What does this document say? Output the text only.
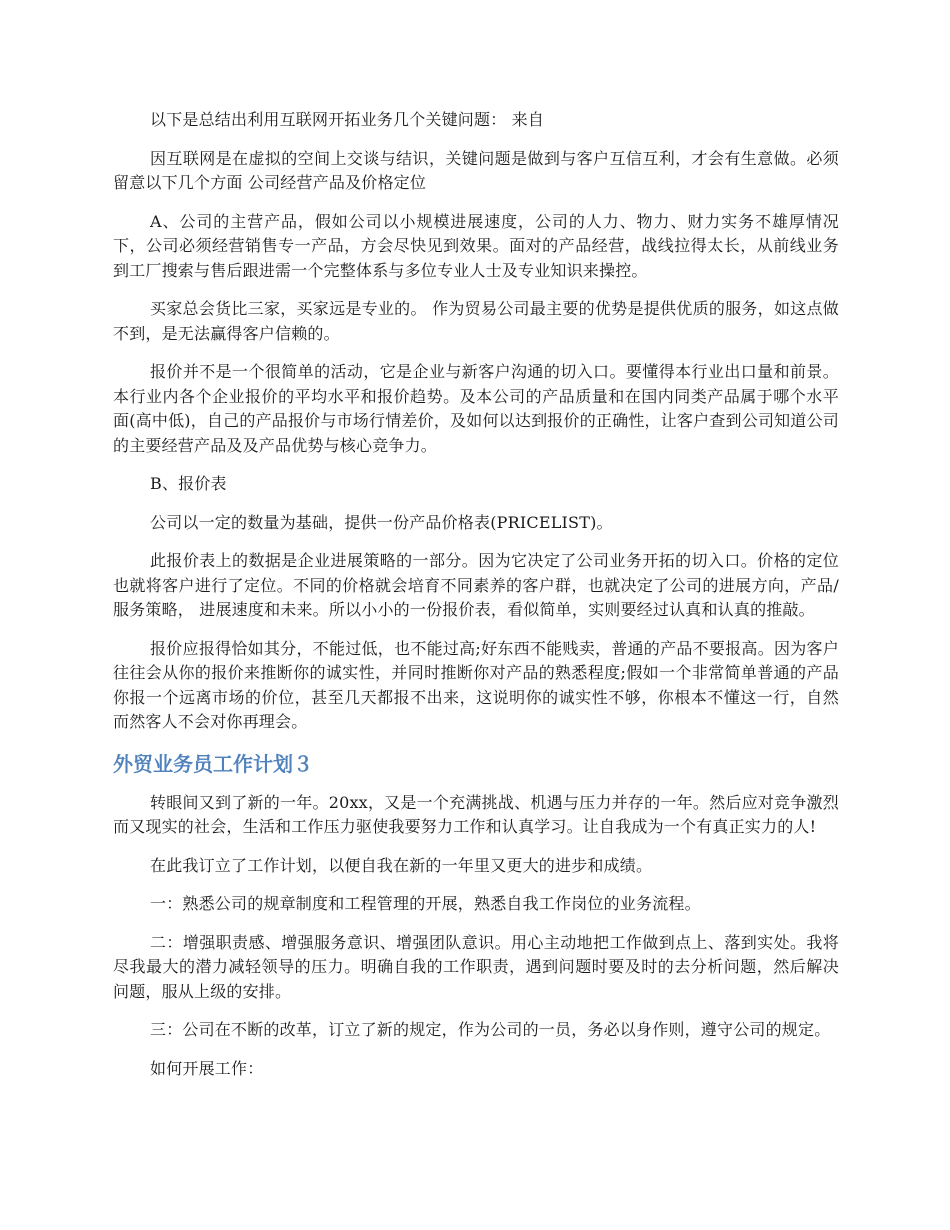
以下是总结出利用互联网开拓业务几个关键问题： 来自

因互联网是在虚拟的空间上交谈与结识，关键问题是做到与客户互信互利，才会有生意做。必须留意以下几个方面 公司经营产品及价格定位

A、公司的主营产品，假如公司以小规模进展速度，公司的人力、物力、财力实务不雄厚情况下，公司必须经营销售专一产品，方会尽快见到效果。面对的产品经营，战线拉得太长，从前线业务到工厂搜索与售后跟进需一个完整体系与多位专业人士及专业知识来操控。

买家总会货比三家，买家远是专业的。 作为贸易公司最主要的优势是提供优质的服务，如这点做不到，是无法赢得客户信赖的。

报价并不是一个很简单的活动，它是企业与新客户沟通的切入口。要懂得本行业出口量和前景。本行业内各个企业报价的平均水平和报价趋势。及本公司的产品质量和在国内同类产品属于哪个水平面(高中低)，自己的产品报价与市场行情差价，及如何以达到报价的正确性，让客户查到公司知道公司的主要经营产品及及产品优势与核心竞争力。

B、报价表

公司以一定的数量为基础，提供一份产品价格表(PRICELIST)。

此报价表上的数据是企业进展策略的一部分。因为它决定了公司业务开拓的切入口。价格的定位也就将客户进行了定位。不同的价格就会培育不同素养的客户群，也就决定了公司的进展方向，产品/服务策略， 进展速度和未来。所以小小的一份报价表，看似简单，实则要经过认真和认真的推敲。

报价应报得恰如其分，不能过低，也不能过高;好东西不能贱卖，普通的产品不要报高。因为客户往往会从你的报价来推断你的诚实性，并同时推断你对产品的熟悉程度;假如一个非常简单普通的产品你报一个远离市场的价位，甚至几天都报不出来，这说明你的诚实性不够，你根本不懂这一行，自然而然客人不会对你再理会。

外贸业务员工作计划３

转眼间又到了新的一年。20xx，又是一个充满挑战、机遇与压力并存的一年。然后应对竞争激烈而又现实的社会，生活和工作压力驱使我要努力工作和认真学习。让自我成为一个有真正实力的人!

在此我订立了工作计划，以便自我在新的一年里又更大的进步和成绩。

一：熟悉公司的规章制度和工程管理的开展，熟悉自我工作岗位的业务流程。

二：增强职责感、增强服务意识、增强团队意识。用心主动地把工作做到点上、落到实处。我将尽我最大的潜力减轻领导的压力。明确自我的工作职责，遇到问题时要及时的去分析问题，然后解决问题，服从上级的安排。

三：公司在不断的改革，订立了新的规定，作为公司的一员，务必以身作则，遵守公司的规定。

如何开展工作：
